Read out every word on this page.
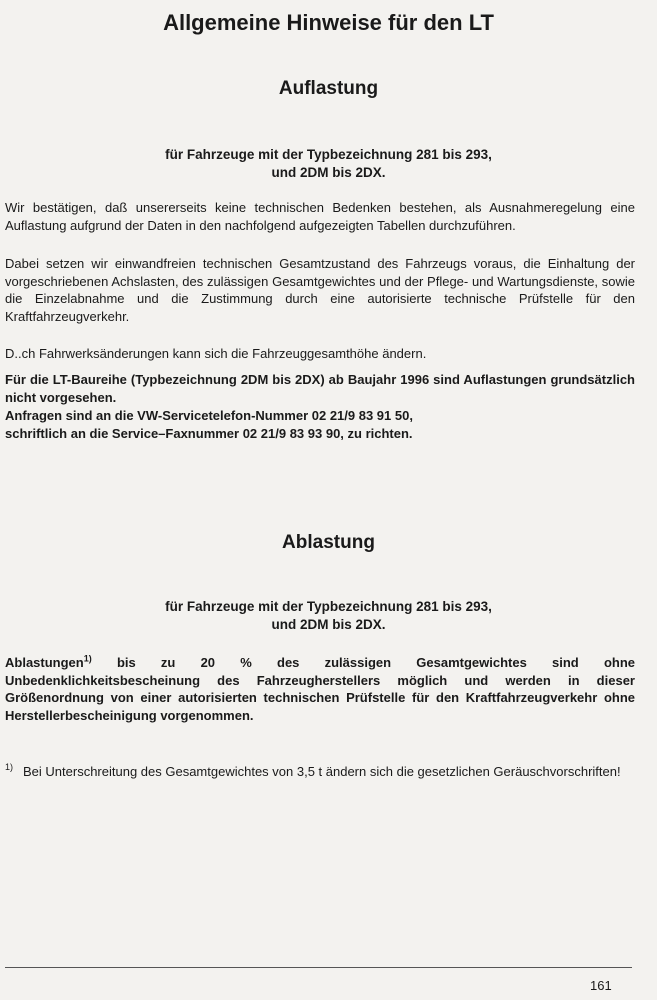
Allgemeine Hinweise für den LT
Auflastung
für Fahrzeuge mit der Typbezeichnung 281 bis 293,
und 2DM bis 2DX.

Wir bestätigen, daß unsererseits keine technischen Bedenken bestehen, als Ausnahmeregelung eine Auflastung aufgrund der Daten in den nachfolgend aufgezeigten Tabellen durchzuführen.

Dabei setzen wir einwandfreien technischen Gesamtzustand des Fahrzeugs voraus, die Einhaltung der vorgeschriebenen Achslasten, des zulässigen Gesamtgewichtes und der Pflege- und Wartungsdienste, sowie die Einzelabnahme und die Zustimmung durch eine autorisierte technische Prüfstelle für den Kraftfahrzeugverkehr.

D..ch Fahrwerksänderungen kann sich die Fahrzeuggesamthöhe ändern.

Für die LT-Baureihe (Typbezeichnung 2DM bis 2DX) ab Baujahr 1996 sind Auflastungen grundsätzlich nicht vorgesehen.

Anfragen sind an die VW-Servicetelefon-Nummer 02 21/9 83 91 50,

schriftlich an die Service–Faxnummer 02 21/9 83 93 90, zu richten.

Ablastung
für Fahrzeuge mit der Typbezeichnung 281 bis 293,
und 2DM bis 2DX.

Ablastungen$^{1)}$ bis zu 20 % des zulässigen Gesamtgewichtes sind ohne Unbedenklichkeitsbescheinung des Fahrzeugherstellers möglich und werden in dieser Größenordnung von einer autorisierten technischen Prüfstelle für den Kraftfahrzeugverkehr ohne Herstellerbescheinigung vorgenommen.

1) Bei Unterschreitung des Gesamtgewichtes von 3,5 t ändern sich die gesetzlichen Geräuschvorschriften!

161
